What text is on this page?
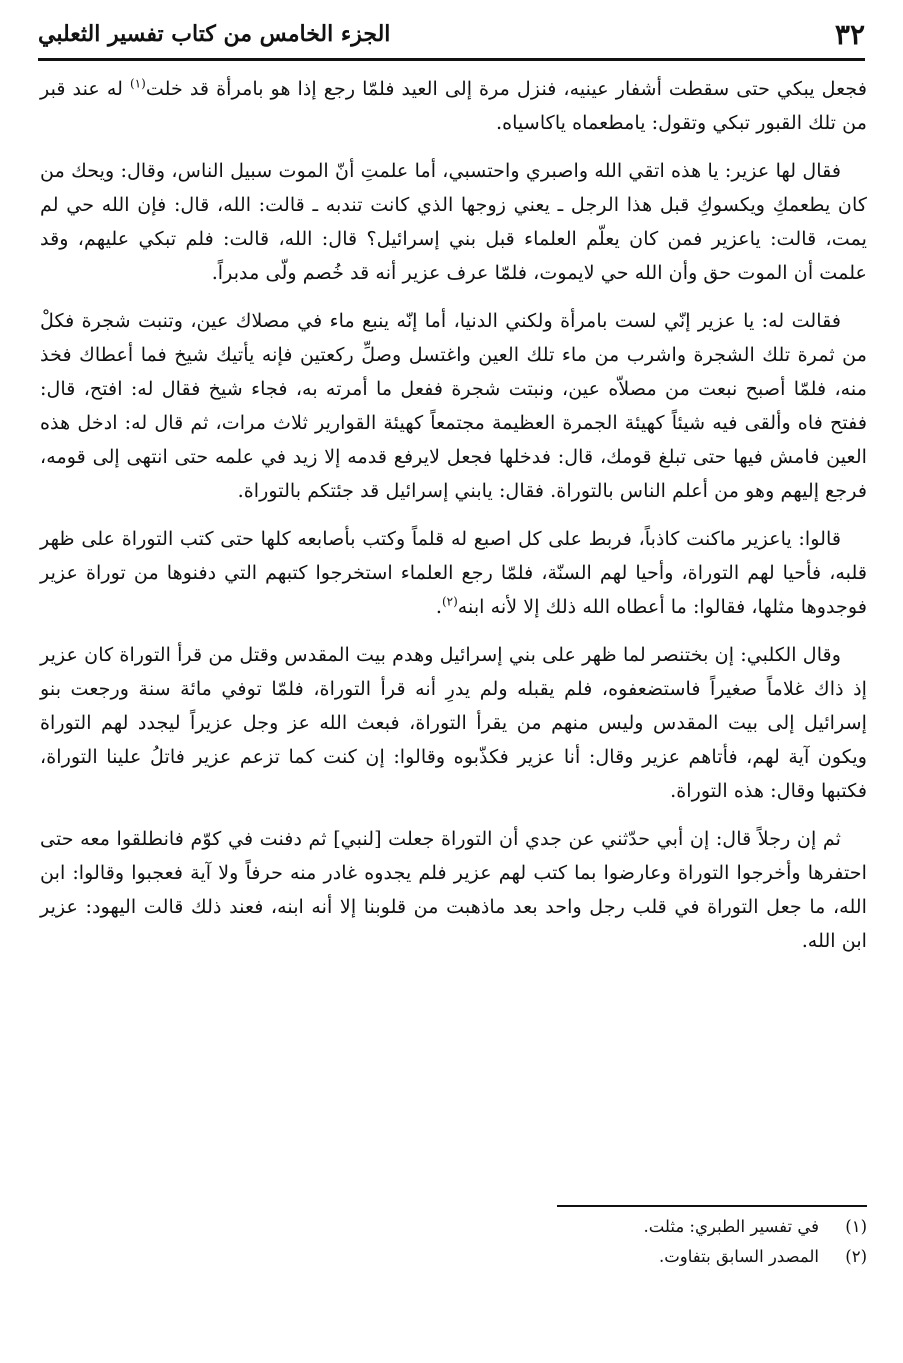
٣٢
الجزء الخامس من كتاب تفسير الثعلبي

فجعل يبكي حتى سقطت أشفار عينيه، فنزل مرة إلى العيد فلمّا رجع إذا هو بامرأة قد خلت$^{(١)}$ له عند قبر من تلك القبور تبكي وتقول: يامطعماه ياكاسياه.

فقال لها عزير: يا هذه اتقي الله واصبري واحتسبي، أما علمتِ أنّ الموت سبيل الناس، وقال: ويحك من كان يطعمكِ ويكسوكِ قبل هذا الرجل ـ يعني زوجها الذي كانت تندبه ـ قالت: الله، قال: فإن الله حي لم يمت، قالت: ياعزير فمن كان يعلّم العلماء قبل بني إسرائيل؟ قال: الله، قالت: فلم تبكي عليهم، وقد علمت أن الموت حق وأن الله حي لايموت، فلمّا عرف عزير أنه قد خُصم ولّى مدبراً.

فقالت له: يا عزير إنّي لست بامرأة ولكني الدنيا، أما إنّه ينبع ماء في مصلاك عين، وتنبت شجرة فكلْ من ثمرة تلك الشجرة واشرب من ماء تلك العين واغتسل وصلِّ ركعتين فإنه يأتيك شيخ فما أعطاك فخذ منه، فلمّا أصبح نبعت من مصلاّه عين، ونبتت شجرة ففعل ما أمرته به، فجاء شيخ فقال له: افتح، قال: ففتح فاه وألقى فيه شيئاً كهيئة الجمرة العظيمة مجتمعاً كهيئة القوارير ثلاث مرات، ثم قال له: ادخل هذه العين فامش فيها حتى تبلغ قومك، قال: فدخلها فجعل لايرفع قدمه إلا زيد في علمه حتى انتهى إلى قومه، فرجع إليهم وهو من أعلم الناس بالتوراة. فقال: يابني إسرائيل قد جئتكم بالتوراة.

قالوا: ياعزير ماكنت كاذباً، فربط على كل اصبع له قلماً وكتب بأصابعه كلها حتى كتب التوراة على ظهر قلبه، فأحيا لهم التوراة، وأحيا لهم السنّة، فلمّا رجع العلماء استخرجوا كتبهم التي دفنوها من توراة عزير فوجدوها مثلها، فقالوا: ما أعطاه الله ذلك إلا لأنه ابنه$^{(٢)}$.

وقال الكلبي: إن بختنصر لما ظهر على بني إسرائيل وهدم بيت المقدس وقتل من قرأ التوراة كان عزير إذ ذاك غلاماً صغيراً فاستضعفوه، فلم يقبله ولم يدرِ أنه قرأ التوراة، فلمّا توفي مائة سنة ورجعت بنو إسرائيل إلى بيت المقدس وليس منهم من يقرأ التوراة، فبعث الله عز وجل عزيراً ليجدد لهم التوراة ويكون آية لهم، فأتاهم عزير وقال: أنا عزير فكذّبوه وقالوا: إن كنت كما تزعم عزير فاتلُ علينا التوراة، فكتبها وقال: هذه التوراة.

ثم إن رجلاً قال: إن أبي حدّثني عن جدي أن التوراة جعلت [لنبي] ثم دفنت في كوّم فانطلقوا معه حتى احتفرها وأخرجوا التوراة وعارضوا بما كتب لهم عزير فلم يجدوه غادر منه حرفاً ولا آية فعجبوا وقالوا: ابن الله، ما جعل التوراة في قلب رجل واحد بعد ماذهبت من قلوبنا إلا أنه ابنه، فعند ذلك قالت اليهود: عزير ابن الله.

(١)
في تفسير الطبري: مثلت.
(٢)
المصدر السابق بتفاوت.
